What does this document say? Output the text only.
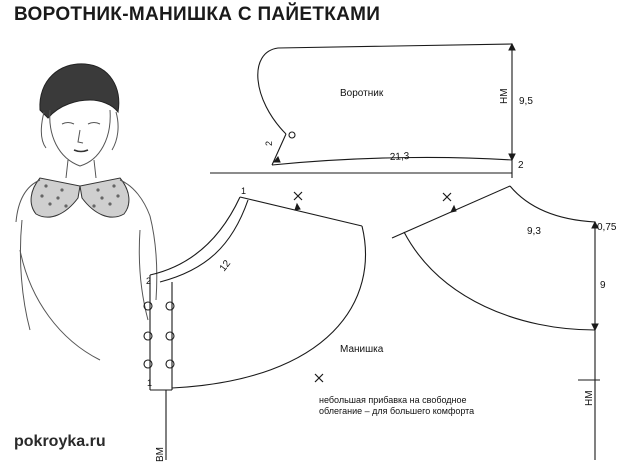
ВОРОТНИК-МАНИШКА С ПАЙЕТКАМИ
Воротник	НМ 9,5
21,3
2
2
Манишка
1
2
1
12
9,3	0,75
9
ВМ
НМ
небольшая прибавка на свободное
облегание – для большего комфорта
pokroyka.ru
